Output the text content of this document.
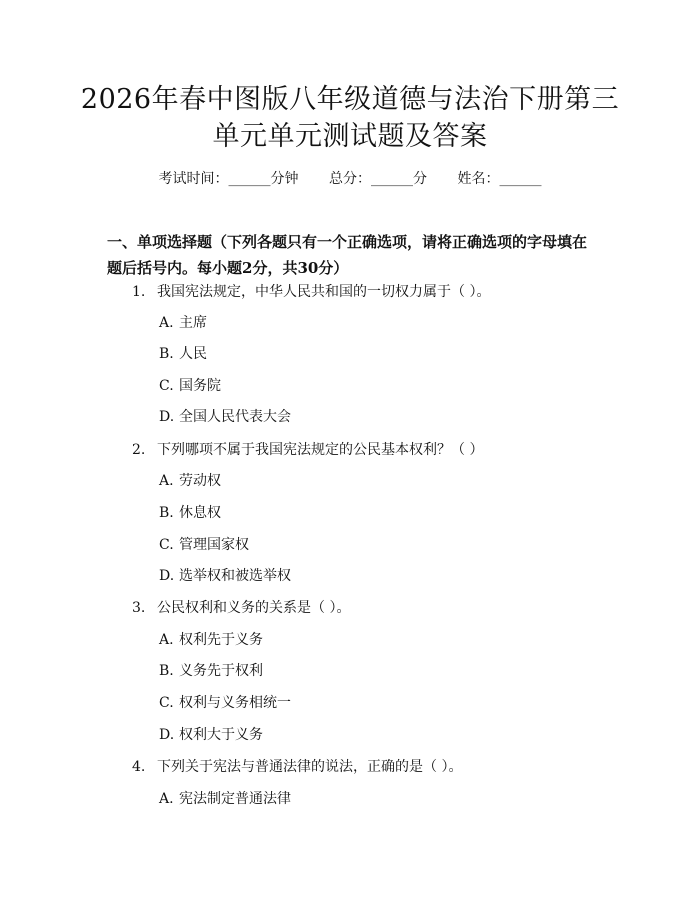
2026年春中图版八年级道德与法治下册第三
单元单元测试题及答案
考试时间：______分钟 总分：______分 姓名：______

一、单项选择题（下列各题只有一个正确选项，请将正确选项的字母填在题后括号内。每小题2分，共30分）

1. 我国宪法规定，中华人民共和国的一切权力属于（ ）。
A. 主席
B. 人民
C. 国务院
D. 全国人民代表大会
2. 下列哪项不属于我国宪法规定的公民基本权利？（ ）
A. 劳动权
B. 休息权
C. 管理国家权
D. 选举权和被选举权
3. 公民权利和义务的关系是（ ）。
A. 权利先于义务
B. 义务先于权利
C. 权利与义务相统一
D. 权利大于义务
4. 下列关于宪法与普通法律的说法，正确的是（ ）。
A. 宪法制定普通法律
